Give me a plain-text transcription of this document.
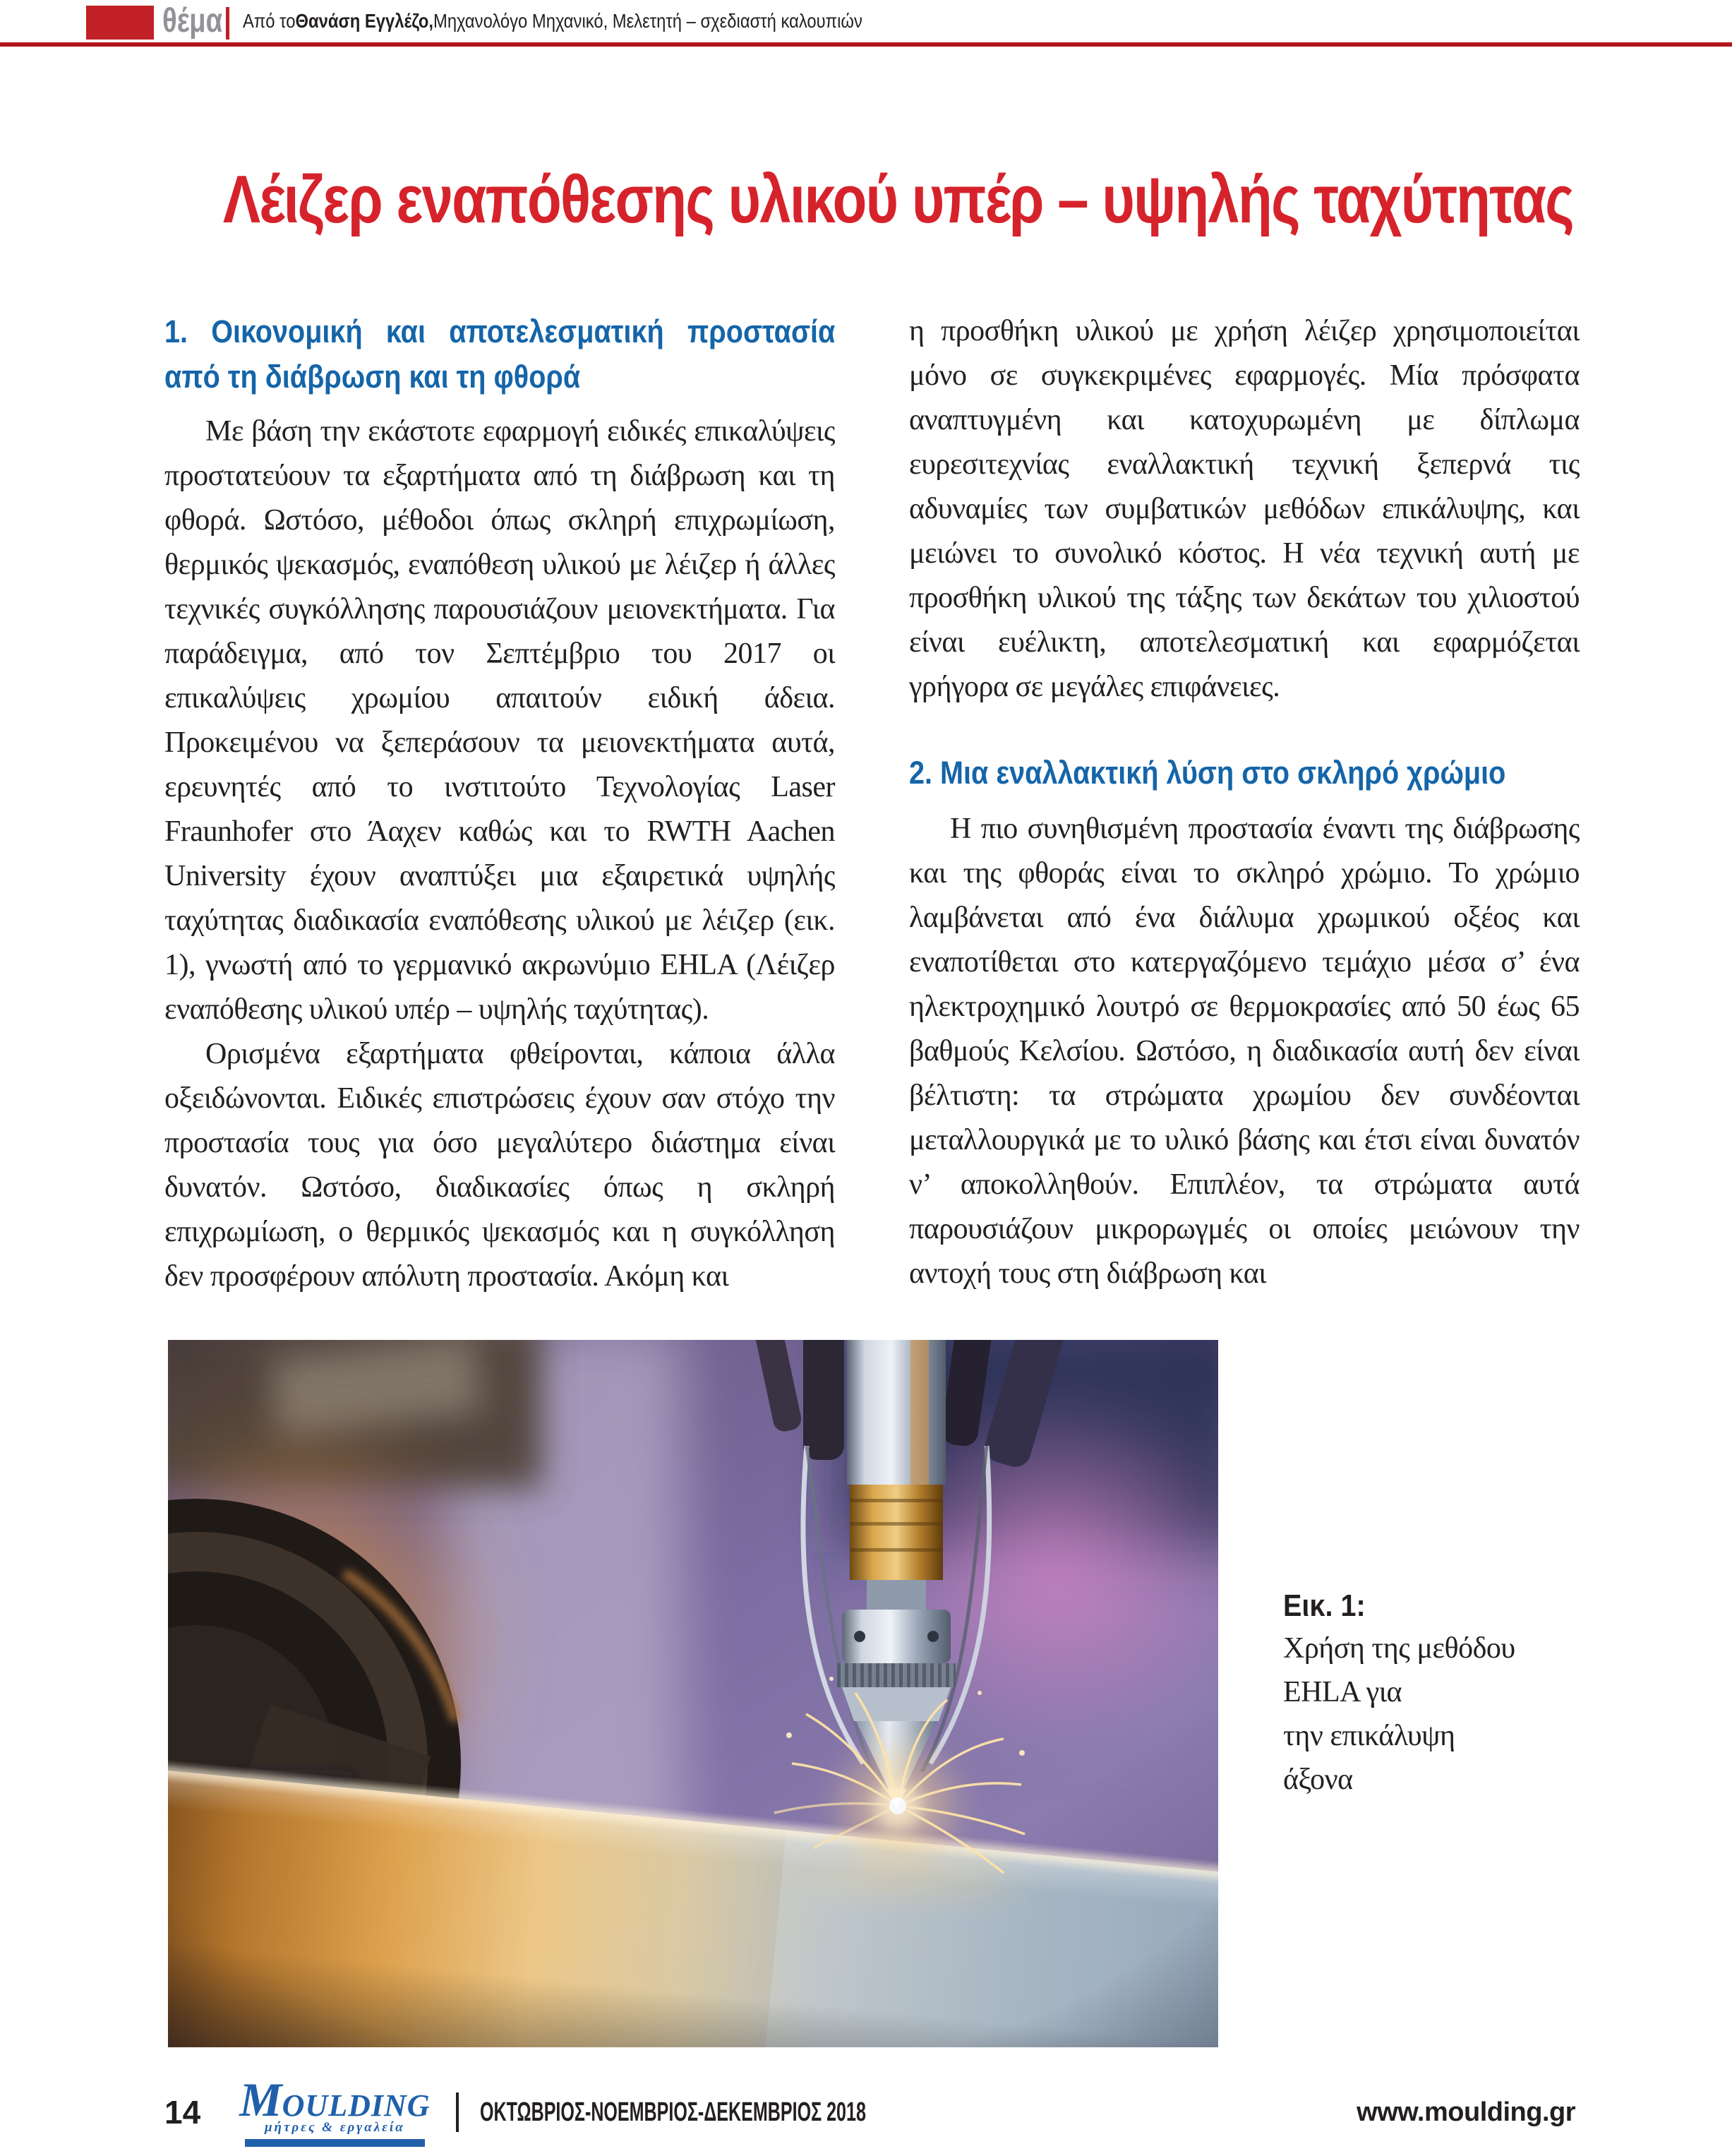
θέμα Από το Θανάση Εγγλέζο, Μηχανολόγο Μηχανικό, Μελετητή – σχεδιαστή καλουπιών
Λέιζερ εναπόθεσης υλικού υπέρ – υψηλής ταχύτητας
1. Οικονομική και αποτελεσματική προστασία από τη διάβρωση και τη φθορά

Με βάση την εκάστοτε εφαρμογή ειδικές επικαλύψεις προστατεύουν τα εξαρτήματα από τη διάβρωση και τη φθορά. Ωστόσο, μέθοδοι όπως σκληρή επιχρωμίωση, θερμικός ψεκασμός, εναπόθεση υλικού με λέιζερ ή άλλες τεχνικές συγκόλλησης παρουσιάζουν μειονεκτήματα. Για παράδειγμα, από τον Σεπτέμβριο του 2017 οι επικαλύψεις χρωμίου απαιτούν ειδική άδεια. Προκειμένου να ξεπεράσουν τα μειονεκτήματα αυτά, ερευνητές από το ινστιτούτο Τεχνολογίας Laser Fraunhofer στο Άαχεν καθώς και το RWTH Aachen University έχουν αναπτύξει μια εξαιρετικά υψηλής ταχύτητας διαδικασία εναπόθεσης υλικού με λέιζερ (εικ. 1), γνωστή από το γερμανικό ακρωνύμιο EHLA (Λέιζερ εναπόθεσης υλικού υπέρ – υψηλής ταχύτητας).

Ορισμένα εξαρτήματα φθείρονται, κάποια άλλα οξειδώνονται. Ειδικές επιστρώσεις έχουν σαν στόχο την προστασία τους για όσο μεγαλύτερο διάστημα είναι δυνατόν. Ωστόσο, διαδικασίες όπως η σκληρή επιχρωμίωση, ο θερμικός ψεκασμός και η συγκόλληση δεν προσφέρουν απόλυτη προστασία. Ακόμη και

η προσθήκη υλικού με χρήση λέιζερ χρησιμοποιείται μόνο σε συγκεκριμένες εφαρμογές. Μία πρόσφατα αναπτυγμένη και κατοχυρωμένη με δίπλωμα ευρεσιτεχνίας εναλλακτική τεχνική ξεπερνά τις αδυναμίες των συμβατικών μεθόδων επικάλυψης, και μειώνει το συνολικό κόστος. Η νέα τεχνική αυτή με προσθήκη υλικού της τάξης των δεκάτων του χιλιοστού είναι ευέλικτη, αποτελεσματική και εφαρμόζεται γρήγορα σε μεγάλες επιφάνειες.

2. Μια εναλλακτική λύση στο σκληρό χρώμιο

Η πιο συνηθισμένη προστασία έναντι της διάβρωσης και της φθοράς είναι το σκληρό χρώμιο. Το χρώμιο λαμβάνεται από ένα διάλυμα χρωμικού οξέος και εναποτίθεται στο κατεργαζόμενο τεμάχιο μέσα σ’ ένα ηλεκτροχημικό λουτρό σε θερμοκρασίες από 50 έως 65 βαθμούς Κελσίου. Ωστόσο, η διαδικασία αυτή δεν είναι βέλτιστη: τα στρώματα χρωμίου δεν συνδέονται μεταλλουργικά με το υλικό βάσης και έτσι είναι δυνατόν ν’ αποκολληθούν. Επιπλέον, τα στρώματα αυτά παρουσιάζουν μικρορωγμές οι οποίες μειώνουν την αντοχή τους στη διάβρωση και

Εικ. 1:
Χρήση της μεθόδου
EHLA για
την επικάλυψη
άξονα
14 MOULDING
μήτρες & εργαλεία
ΟΚΤΩΒΡΙΟΣ-ΝΟΕΜΒΡΙΟΣ-ΔΕΚΕΜΒΡΙΟΣ 2018	www.moulding.gr
